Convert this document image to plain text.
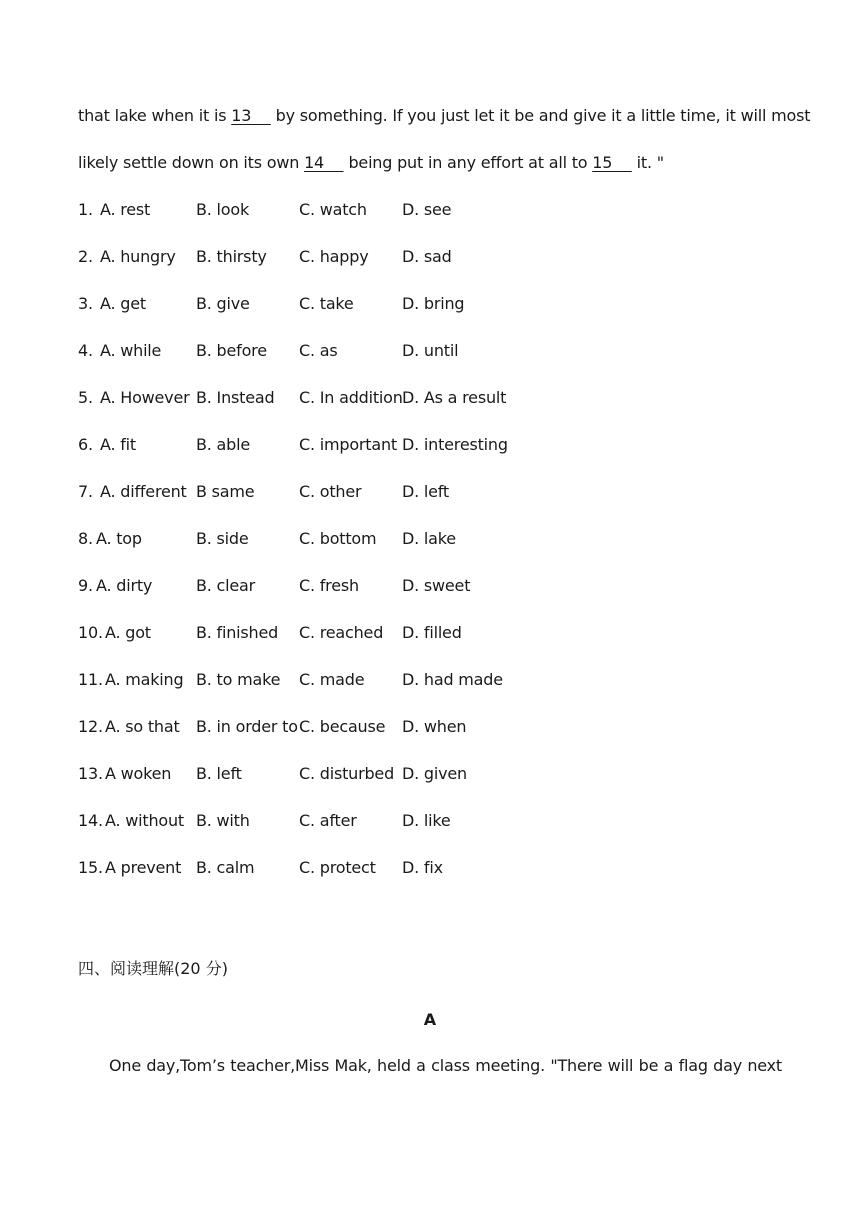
that lake when it is 13     by something. If you just let it be and give it a little time, it will most
likely settle down on its own 14     being put in any effort at all to 15     it. "
1. A. rest	B. look	C. watch D. see
2. A. hungry B. thirsty C. happy D. sad
3. A. get	B. give	C. take	D. bring
4. A. while B. before C. as	D. until
5. A. However B. Instead C. In addition D. As a result
6. A. fit	B. able	C. important D. interesting
7. A. different B same	C. other	D. left
8. A. top	B. side	C. bottom D. lake
9. A. dirty	B. clear	C. fresh	D. sweet
10. A. got	B. finished C. reached D. filled
11. A. making B. to make C. made D. had made
12. A. so that B. in order to C. because D. when
13. A woken B. left	C. disturbed D. given
14. A. without B. with	C. after	D. like
15. A prevent B. calm	C. protect D. fix
四、阅读理解(20 分)
A
One day,Tom’s teacher,Miss Mak, held a class meeting. "There will be a flag day next
